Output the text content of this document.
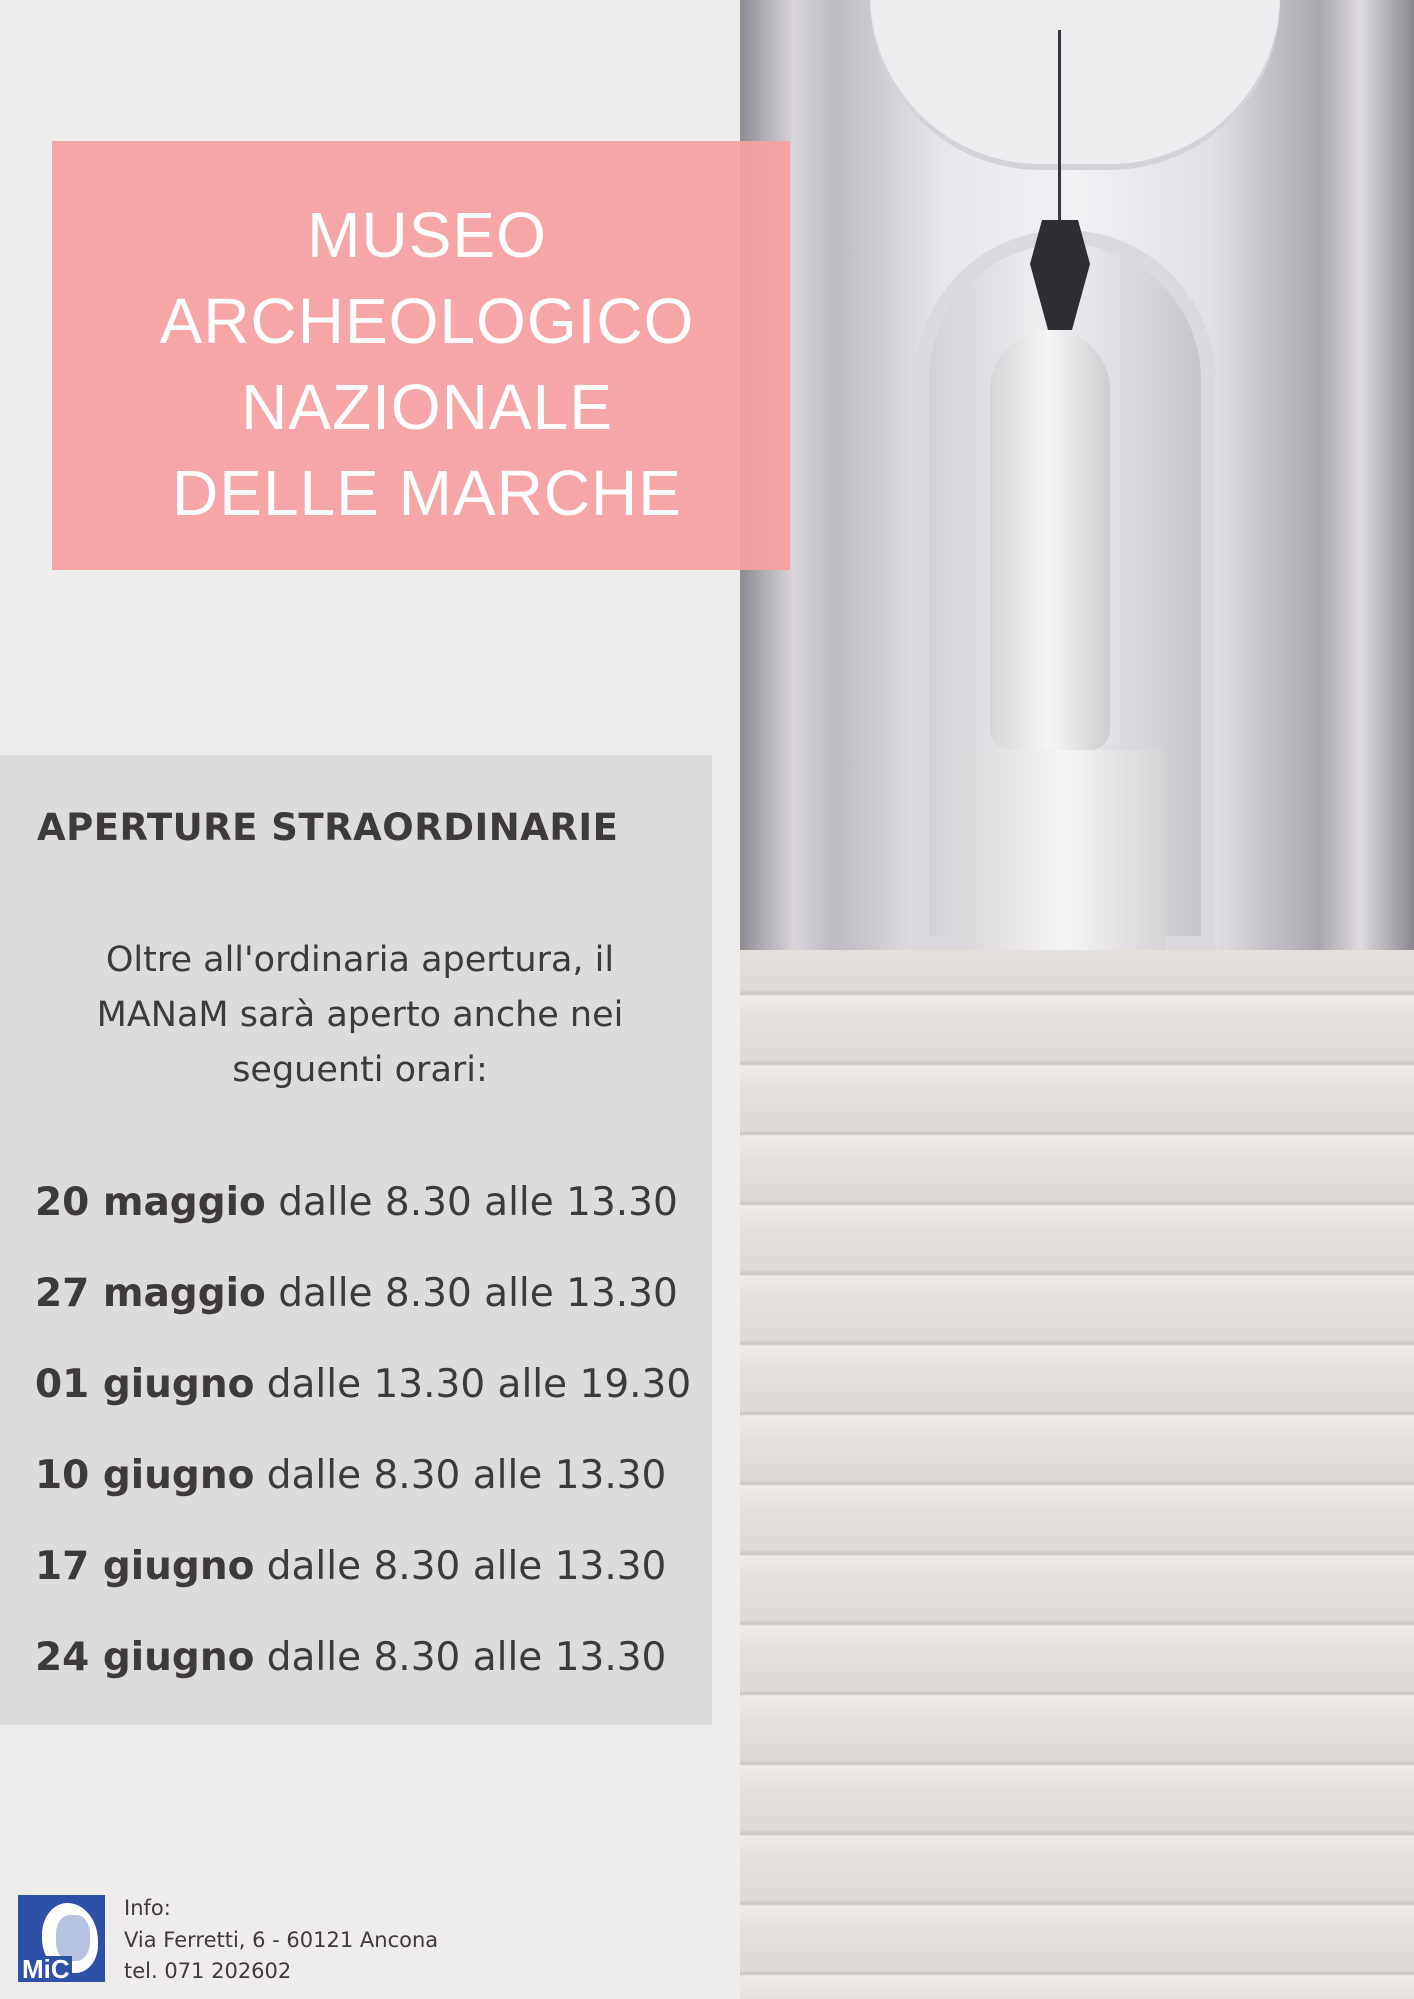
MUSEO
ARCHEOLOGICO
NAZIONALE
DELLE MARCHE
APERTURE STRAORDINARIE
Oltre all'ordinaria apertura, il
MANaM sarà aperto anche nei
seguenti orari:
20 maggio dalle 8.30 alle 13.30
27 maggio dalle 8.30 alle 13.30
01 giugno dalle 13.30 alle 19.30
10 giugno dalle 8.30 alle 13.30
17 giugno dalle 8.30 alle 13.30
24 giugno dalle 8.30 alle 13.30
MiC
Info:
Via Ferretti, 6 - 60121 Ancona
tel. 071 202602
